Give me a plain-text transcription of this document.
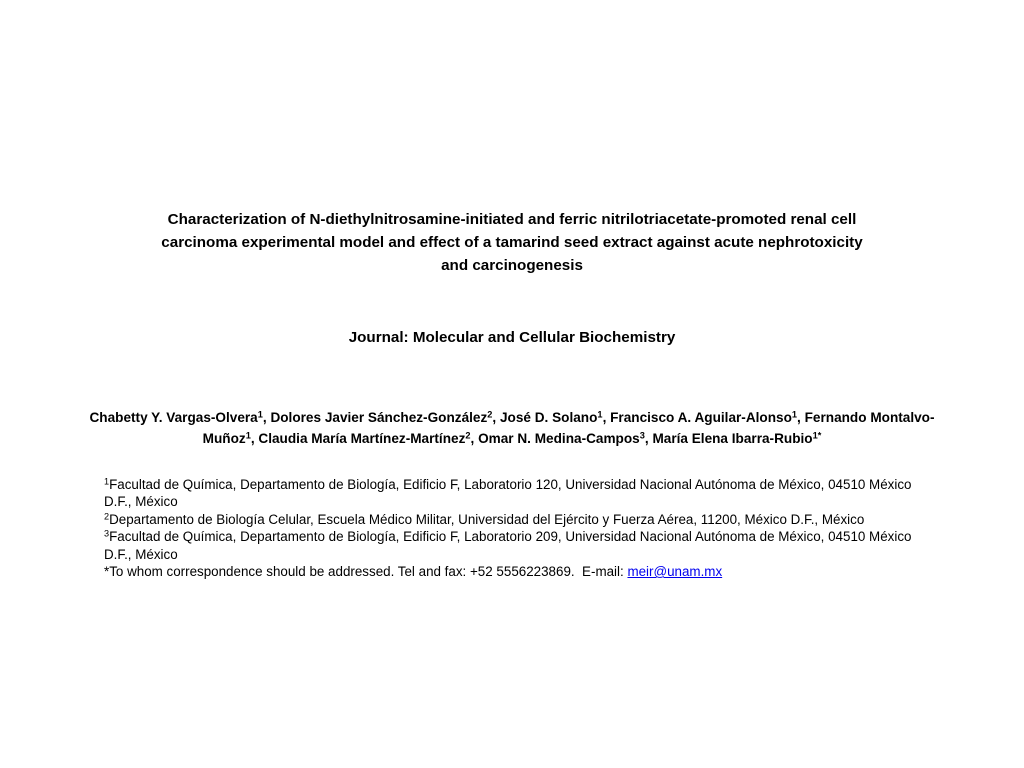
Characterization of N-diethylnitrosamine-initiated and ferric nitrilotriacetate-promoted renal cell
carcinoma experimental model and effect of a tamarind seed extract against acute nephrotoxicity
and carcinogenesis
Journal: Molecular and Cellular Biochemistry
Chabetty Y. Vargas-Olvera$^1$, Dolores Javier Sánchez-González$^2$, José D. Solano$^1$, Francisco A. Aguilar-Alonso$^1$, Fernando Montalvo-Muñoz$^1$, Claudia María Martínez-Martínez$^2$, Omar N. Medina-Campos$^3$, María Elena Ibarra-Rubio$^{1*}$

$^1$Facultad de Química, Departamento de Biología, Edificio F, Laboratorio 120, Universidad Nacional Autónoma de México, 04510 México D.F., México

$^2$Departamento de Biología Celular, Escuela Médico Militar, Universidad del Ejército y Fuerza Aérea, 11200, México D.F., México

$^3$Facultad de Química, Departamento de Biología, Edificio F, Laboratorio 209, Universidad Nacional Autónoma de México, 04510 México D.F., México

*To whom correspondence should be addressed. Tel and fax: +52 5556223869.  E-mail: meir@unam.mx
